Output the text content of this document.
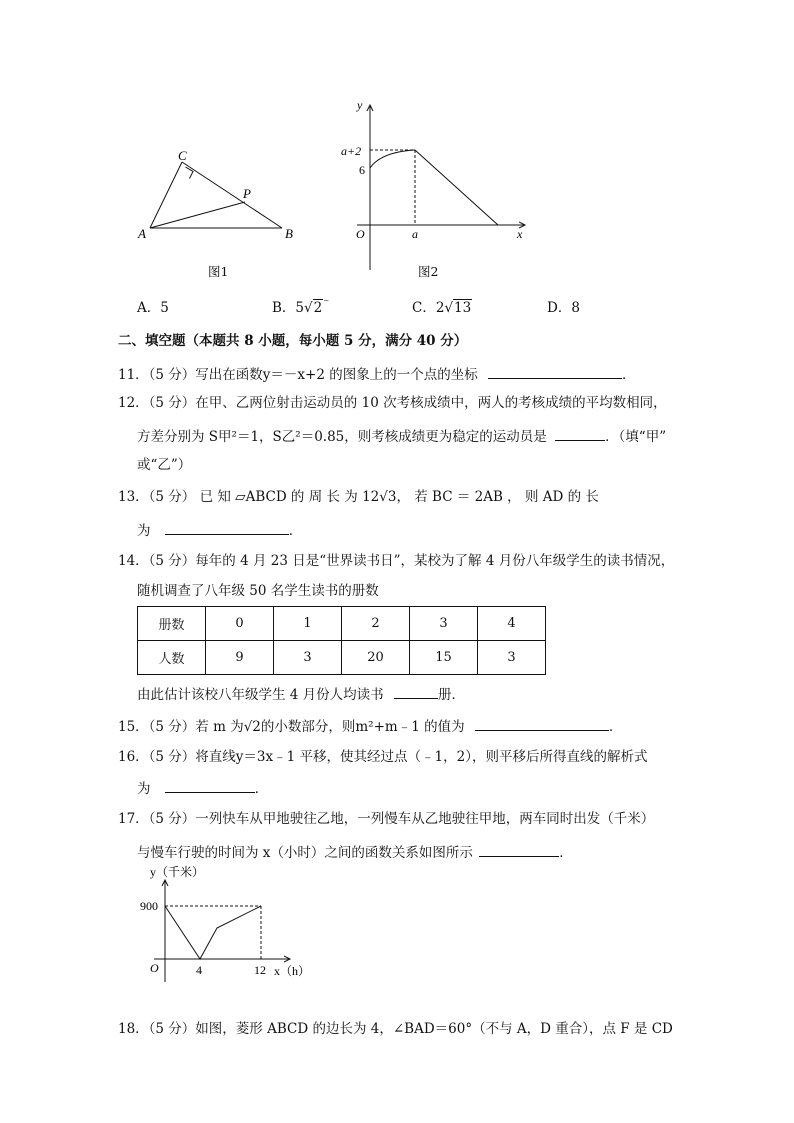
C
P
A	B
图1
y
a+2
6
O	a	x
图2
A．5	B．5√2⁻	C．2√13	D．8
二、填空题（本题共 8 小题，每小题 5 分，满分 40 分）
11．（5 分）写出在函数y＝－x+2 的图象上的一个点的坐标	．
12．（5 分）在甲、乙两位射击运动员的 10 次考核成绩中，两人的考核成绩的平均数相同，
方差分别为 S甲²＝1，S乙²＝0.85，则考核成绩更为稳定的运动员是	．（填“甲”
或“乙”）
13．（5 分） 已 知 ▱ABCD 的 周 长 为 12√3， 若 BC ＝ 2AB ， 则 AD 的 长
为	．
14．（5 分）每年的 4 月 23 日是“世界读书日”，某校为了解 4 月份八年级学生的读书情况，
随机调查了八年级 50 名学生读书的册数
册数	0	1	2	3	4
人数	9	3	20	15	3
由此估计该校八年级学生 4 月份人均读书	册．
15．（5 分）若 m 为√2的小数部分，则m²+m﹣1 的值为	．
16．（5 分）将直线y＝3x﹣1 平移，使其经过点（﹣1，2），则平移后所得直线的解析式
为	．
17．（5 分）一列快车从甲地驶往乙地，一列慢车从乙地驶往甲地，两车同时出发（千米）
与慢车行驶的时间为 x（小时）之间的函数关系如图所示	．
y（千米）
900
O	4	12 x（h）
18．（5 分）如图，菱形 ABCD 的边长为 4，∠BAD＝60°（不与 A，D 重合），点 F 是 CD
